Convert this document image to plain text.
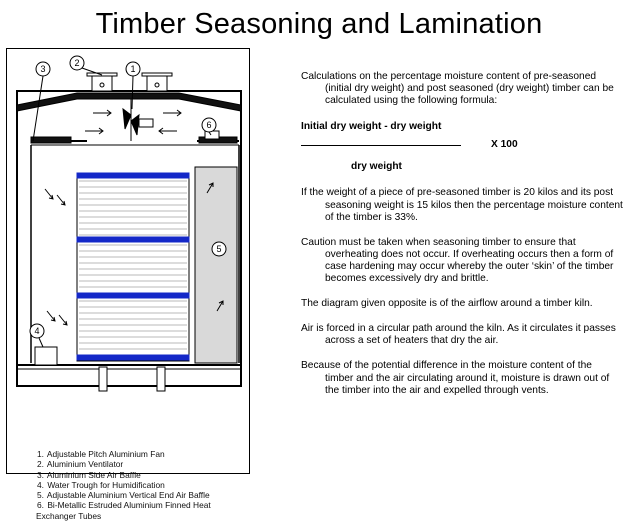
Timber Seasoning and Lamination
3
2
1
6
5
4
1. Adjustable Pitch Aluminium Fan
2. Aluminium Ventilator
3. Aluminium Side Air Baffle
4. Water Trough for Humidification
5. Adjustable Aluminium Vertical End Air Baffle
6. Bi-Metallic Estruded Aluminium Finned Heat
Exchanger Tubes

Calculations on the percentage moisture content of pre-seasoned (initial dry weight) and post seasoned (dry weight) timber can be calculated using the following formula:

Initial dry weight - dry weight
X 100
dry weight

If the weight of a piece of pre-seasoned timber is 20 kilos and its post seasoning weight is 15 kilos then the percentage moisture content of the timber is 33%.

Caution must be taken when seasoning timber to ensure that overheating does not occur. If overheating occurs then a form of case hardening may occur whereby the outer ‘skin’ of the timber becomes excessively dry and brittle.

The diagram given opposite is of the airflow around a timber kiln.

Air is forced in a circular path around the kiln. As it circulates it passes across a set of heaters that dry the air.

Because of the potential difference in the moisture content of the timber and the air circulating around it, moisture is drawn out of the timber into the air and expelled through vents.
